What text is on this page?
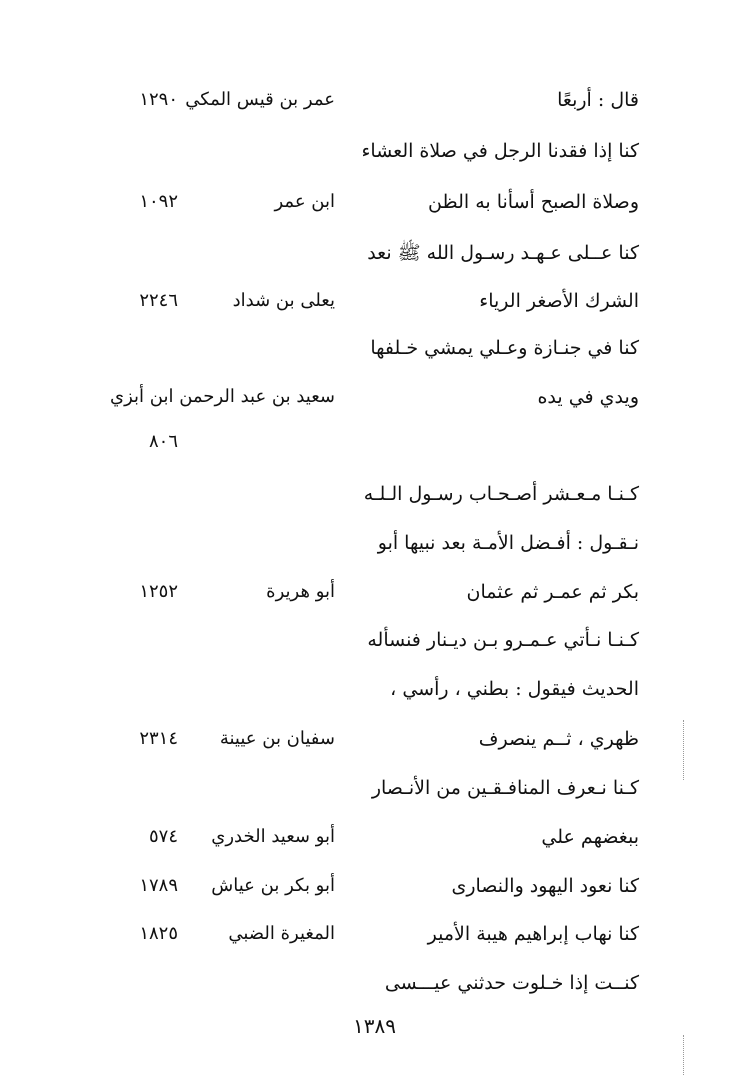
قال : أربعًا
عمر بن قيس المكي
١٢٩٠
كنا إذا فقدنا الرجل في صلاة العشاء
وصلاة الصبح أسأنا به الظن
ابن عمر
١٠٩٢
كنا عــلى عـهـد رسـول الله ﷺ نعد
الشرك الأصغر الرياء
يعلى بن شداد
٢٢٤٦
كنا في جنـازة وعـلي يمشي خـلفها
ويدي في يده
سعيد بن عبد الرحمن ابن أبزي
٨٠٦
كـنـا مـعـشر أصـحـاب رسـول الـلـه
نـقـول : أفـضل الأمـة بعد نبيها أبو
بكر ثم عمـر ثم عثمان
أبو هريرة
١٢٥٢
كـنـا نـأتي عـمـرو بـن ديـنار فنسأله
الحديث فيقول : بطني ، رأسي ،
ظهري ، ثــم ينصرف
سفيان بن عيينة
٢٣١٤
كـنا نـعرف المنافـقـين من الأنـصار
ببغضهم علي
أبو سعيد الخدري
٥٧٤
كنا نعود اليهود والنصارى
أبو بكر بن عياش
١٧٨٩
كنا نهاب إبراهيم هيبة الأمير
المغيرة الضبي
١٨٢٥
كنــت إذا خـلوت حدثني عيـــسى
١٣٨٩
